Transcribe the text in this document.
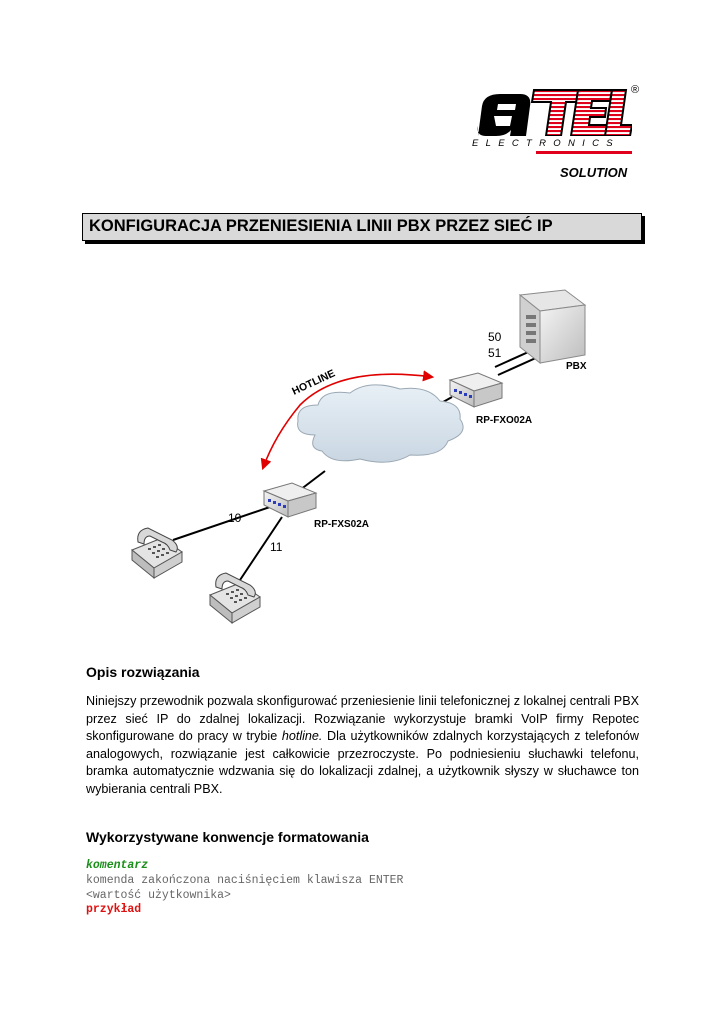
®
ELECTRONICS
SOLUTION
KONFIGURACJA PRZENIESIENIA LINII PBX PRZEZ SIEĆ IP
HOTLINE
PBX
50
51
RP-FXO02A
RP-FXS02A
10
11
Opis rozwiązania
Niniejszy przewodnik pozwala skonfigurować przeniesienie linii telefonicznej z lokalnej centrali PBX przez sieć IP do zdalnej lokalizacji. Rozwiązanie wykorzystuje bramki VoIP firmy Repotec skonfigurowane do pracy w trybie hotline. Dla użytkowników zdalnych korzystających z telefonów analogowych, rozwiązanie jest całkowicie przezroczyste. Po podniesieniu słuchawki telefonu, bramka automatycznie wdzwania się do lokalizacji zdalnej, a użytkownik słyszy w słuchawce ton wybierania centrali PBX.
Wykorzystywane konwencje formatowania
komentarz
komenda zakończona naciśnięciem klawisza ENTER
<wartość użytkownika>
przykład
